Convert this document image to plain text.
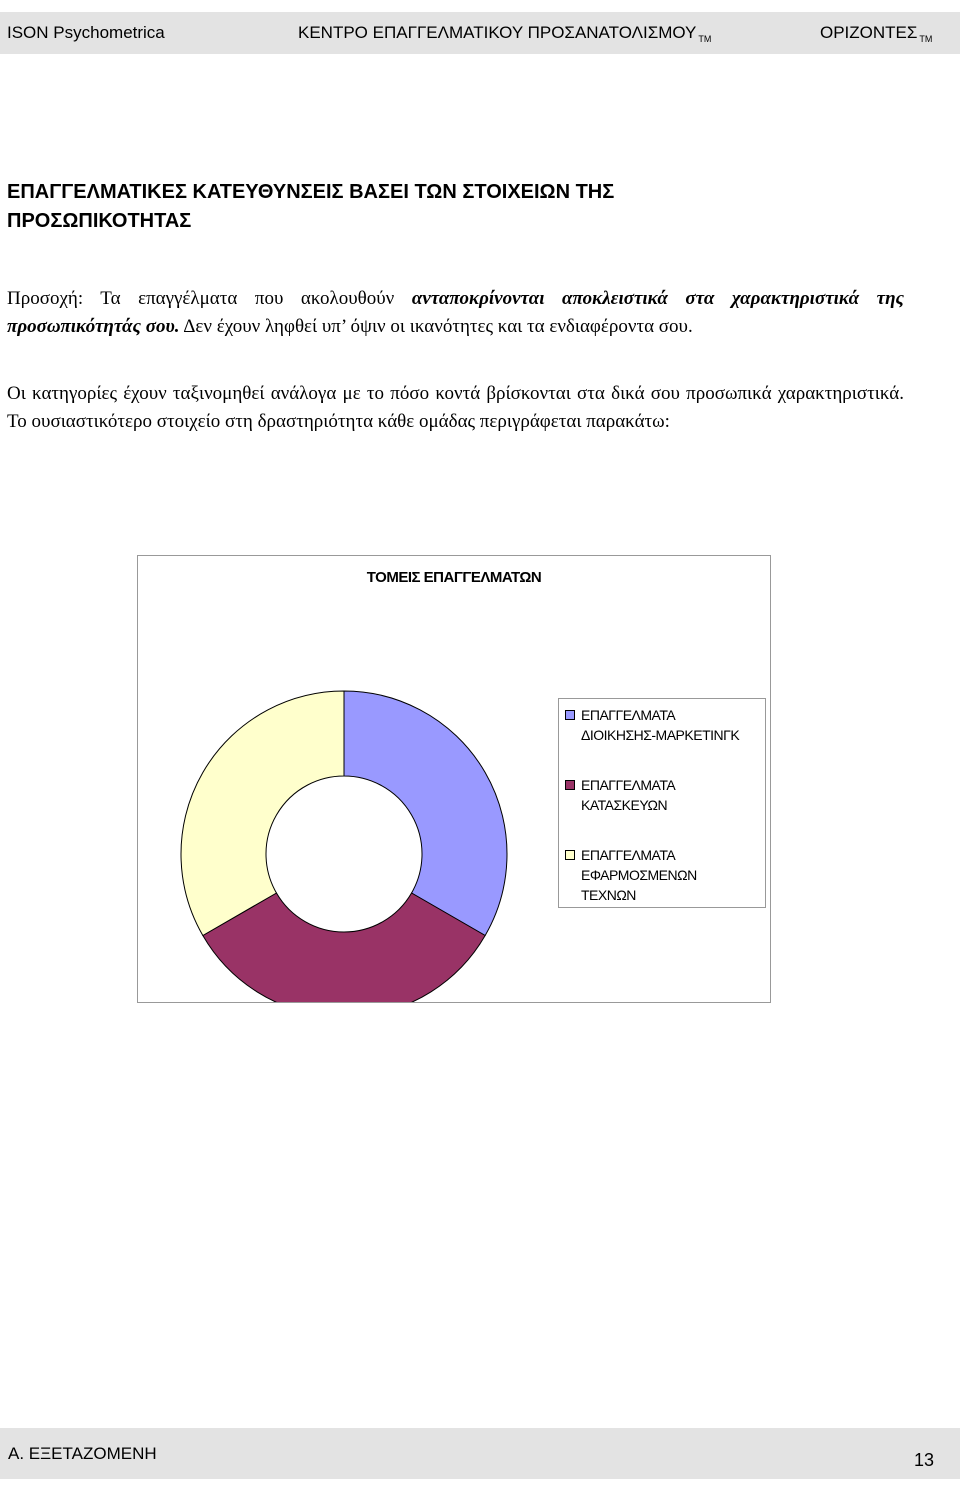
ISON Psychometrica	ΚΕΝΤΡΟ ΕΠΑΓΓΕΛΜΑΤΙΚΟΥ ΠΡΟΣΑΝΑΤΟΛΙΣΜΟΥ TM	ΟΡΙΖΟΝΤΕΣ TM
ΕΠΑΓΓΕΛΜΑΤΙΚΕΣ ΚΑΤΕΥΘΥΝΣΕΙΣ ΒΑΣΕΙ ΤΩΝ ΣΤΟΙΧΕΙΩΝ ΤΗΣ ΠΡΟΣΩΠΙΚΟΤΗΤΑΣ
Προσοχή: Τα επαγγέλματα που ακολουθούν ανταποκρίνονται αποκλειστικά στα χαρακτηριστικά της προσωπικότητάς σου. Δεν έχουν ληφθεί υπ’ όψιν οι ικανότητες και τα ενδιαφέροντα σου.
Οι κατηγορίες έχουν ταξινομηθεί ανάλογα με το πόσο κοντά βρίσκονται στα δικά σου προσωπικά χαρακτηριστικά. Το ουσιαστικότερο στοιχείο στη δραστηριότητα κάθε ομάδας περιγράφεται παρακάτω:
ΤΟΜΕΙΣ ΕΠΑΓΓΕΛΜΑΤΩΝ
ΕΠΑΓΓΕΛΜΑΤΑ
ΔΙΟΙΚΗΣΗΣ-ΜΑΡΚΕΤΙΝΓΚ
ΕΠΑΓΓΕΛΜΑΤΑ
ΚΑΤΑΣΚΕΥΩΝ
ΕΠΑΓΓΕΛΜΑΤΑ
ΕΦΑΡΜΟΣΜΕΝΩΝ
ΤΕΧΝΩΝ
Α. ΕΞΕΤΑΖΟΜΕΝΗ	13
